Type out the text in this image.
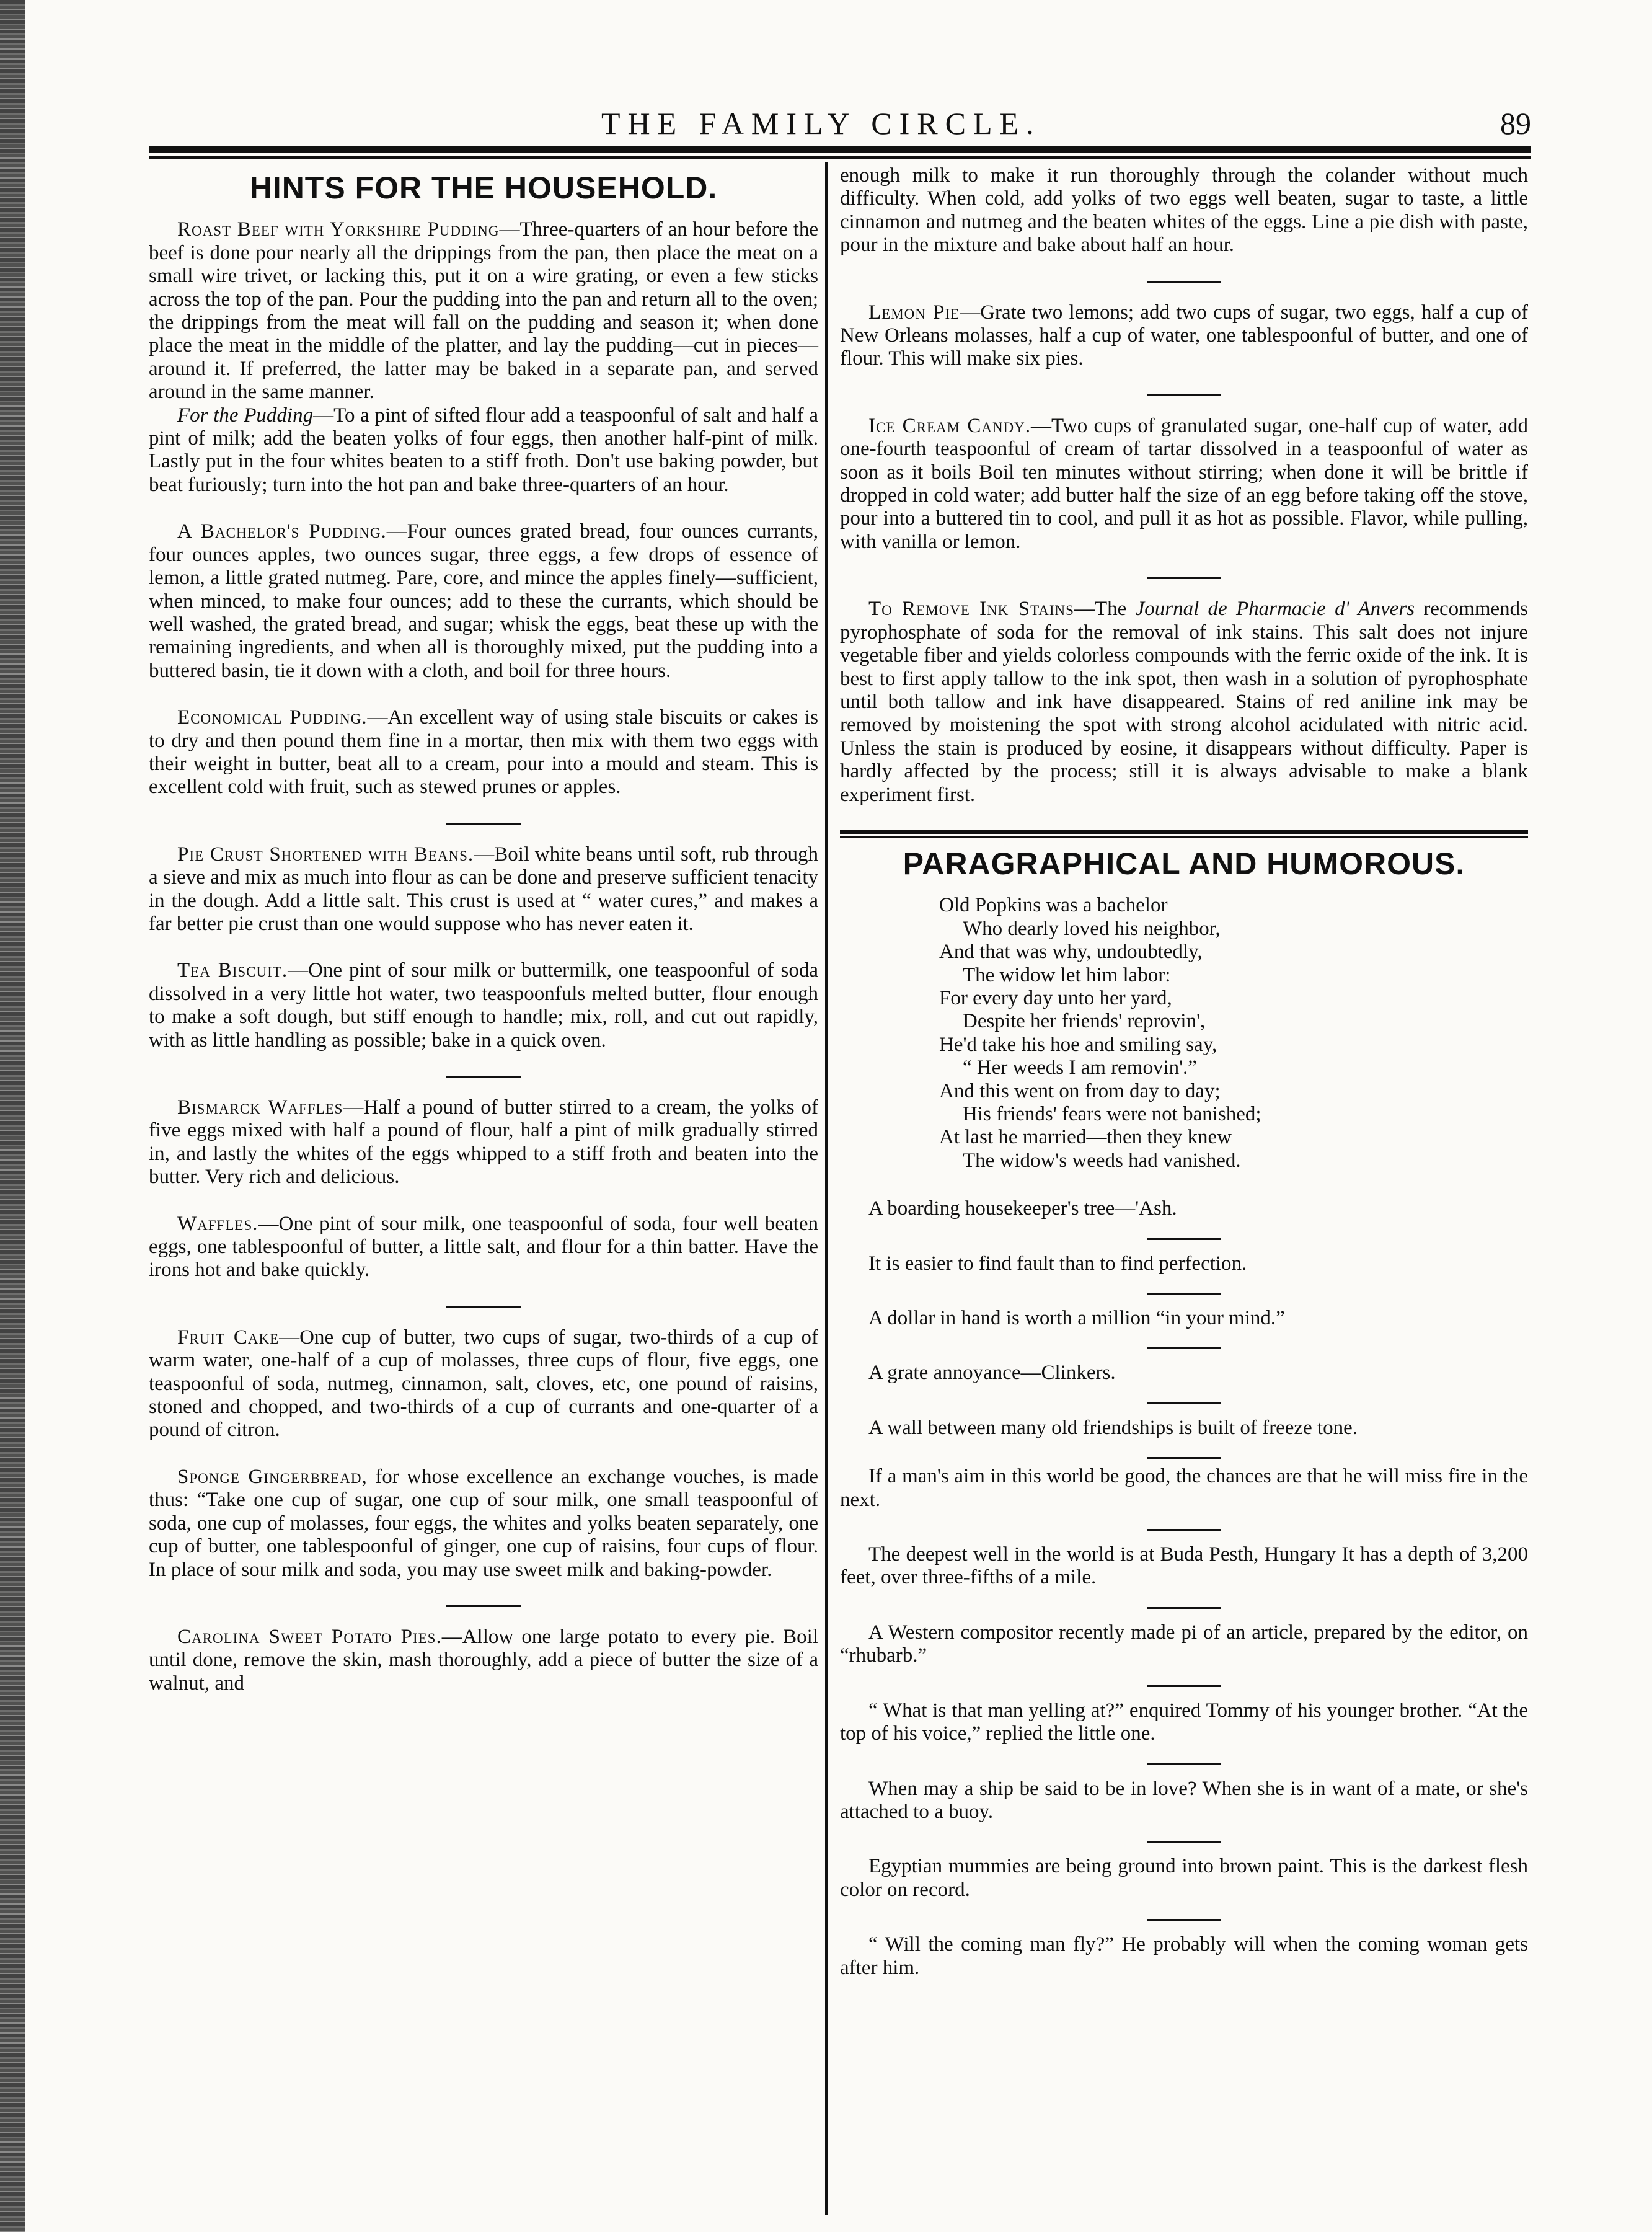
THE FAMILY CIRCLE.	89
HINTS FOR THE HOUSEHOLD.

Roast Beef with Yorkshire Pudding—Three-quarters of an hour before the beef is done pour nearly all the drippings from the pan, then place the meat on a small wire trivet, or lacking this, put it on a wire grating, or even a few sticks across the top of the pan. Pour the pudding into the pan and return all to the oven; the drippings from the meat will fall on the pudding and season it; when done place the meat in the middle of the platter, and lay the pudding—cut in pieces—around it. If preferred, the latter may be baked in a separate pan, and served around in the same manner.

For the Pudding—To a pint of sifted flour add a teaspoonful of salt and half a pint of milk; add the beaten yolks of four eggs, then another half-pint of milk. Lastly put in the four whites beaten to a stiff froth. Don't use baking powder, but beat furiously; turn into the hot pan and bake three-quarters of an hour.

A Bachelor's Pudding.—Four ounces grated bread, four ounces currants, four ounces apples, two ounces sugar, three eggs, a few drops of essence of lemon, a little grated nutmeg. Pare, core, and mince the apples finely—sufficient, when minced, to make four ounces; add to these the currants, which should be well washed, the grated bread, and sugar; whisk the eggs, beat these up with the remaining ingredients, and when all is thoroughly mixed, put the pudding into a buttered basin, tie it down with a cloth, and boil for three hours.

Economical Pudding.—An excellent way of using stale biscuits or cakes is to dry and then pound them fine in a mortar, then mix with them two eggs with their weight in butter, beat all to a cream, pour into a mould and steam. This is excellent cold with fruit, such as stewed prunes or apples.

Pie Crust Shortened with Beans.—Boil white beans until soft, rub through a sieve and mix as much into flour as can be done and preserve sufficient tenacity in the dough. Add a little salt. This crust is used at “ water cures,” and makes a far better pie crust than one would suppose who has never eaten it.

Tea Biscuit.—One pint of sour milk or buttermilk, one teaspoonful of soda dissolved in a very little hot water, two teaspoonfuls melted butter, flour enough to make a soft dough, but stiff enough to handle; mix, roll, and cut out rapidly, with as little handling as possible; bake in a quick oven.

Bismarck Waffles—Half a pound of butter stirred to a cream, the yolks of five eggs mixed with half a pound of flour, half a pint of milk gradually stirred in, and lastly the whites of the eggs whipped to a stiff froth and beaten into the butter. Very rich and delicious.

Waffles.—One pint of sour milk, one teaspoonful of soda, four well beaten eggs, one tablespoonful of butter, a little salt, and flour for a thin batter. Have the irons hot and bake quickly.

Fruit Cake—One cup of butter, two cups of sugar, two-thirds of a cup of warm water, one-half of a cup of molasses, three cups of flour, five eggs, one teaspoonful of soda, nutmeg, cinnamon, salt, cloves, etc, one pound of raisins, stoned and chopped, and two-thirds of a cup of currants and one-quarter of a pound of citron.

Sponge Gingerbread, for whose excellence an exchange vouches, is made thus: “Take one cup of sugar, one cup of sour milk, one small teaspoonful of soda, one cup of molasses, four eggs, the whites and yolks beaten separately, one cup of butter, one tablespoonful of ginger, one cup of raisins, four cups of flour. In place of sour milk and soda, you may use sweet milk and baking-powder.

Carolina Sweet Potato Pies.—Allow one large potato to every pie. Boil until done, remove the skin, mash thoroughly, add a piece of butter the size of a walnut, and

enough milk to make it run thoroughly through the colander without much difficulty. When cold, add yolks of two eggs well beaten, sugar to taste, a little cinnamon and nutmeg and the beaten whites of the eggs. Line a pie dish with paste, pour in the mixture and bake about half an hour.

Lemon Pie—Grate two lemons; add two cups of sugar, two eggs, half a cup of New Orleans molasses, half a cup of water, one tablespoonful of butter, and one of flour. This will make six pies.

Ice Cream Candy.—Two cups of granulated sugar, one-half cup of water, add one-fourth teaspoonful of cream of tartar dissolved in a teaspoonful of water as soon as it boils Boil ten minutes without stirring; when done it will be brittle if dropped in cold water; add butter half the size of an egg before taking off the stove, pour into a buttered tin to cool, and pull it as hot as possible. Flavor, while pulling, with vanilla or lemon.

To Remove Ink Stains—The Journal de Pharmacie d' Anvers recommends pyrophosphate of soda for the removal of ink stains. This salt does not injure vegetable fiber and yields colorless compounds with the ferric oxide of the ink. It is best to first apply tallow to the ink spot, then wash in a solution of pyrophosphate until both tallow and ink have disappeared. Stains of red aniline ink may be removed by moistening the spot with strong alcohol acidulated with nitric acid. Unless the stain is produced by eosine, it disappears without difficulty. Paper is hardly affected by the process; still it is always advisable to make a blank experiment first.

PARAGRAPHICAL AND HUMOROUS.
Old Popkins was a bachelor
Who dearly loved his neighbor,
And that was why, undoubtedly,
The widow let him labor:
For every day unto her yard,
Despite her friends' reprovin',
He'd take his hoe and smiling say,
“ Her weeds I am removin'.”
And this went on from day to day;
His friends' fears were not banished;
At last he married—then they knew
The widow's weeds had vanished.

A boarding housekeeper's tree—'Ash.

It is easier to find fault than to find perfection.

A dollar in hand is worth a million “in your mind.”

A grate annoyance—Clinkers.

A wall between many old friendships is built of freeze tone.

If a man's aim in this world be good, the chances are that he will miss fire in the next.

The deepest well in the world is at Buda Pesth, Hungary It has a depth of 3,200 feet, over three-fifths of a mile.

A Western compositor recently made pi of an article, prepared by the editor, on “rhubarb.”

“ What is that man yelling at?” enquired Tommy of his younger brother. “At the top of his voice,” replied the little one.

When may a ship be said to be in love? When she is in want of a mate, or she's attached to a buoy.

Egyptian mummies are being ground into brown paint. This is the darkest flesh color on record.

“ Will the coming man fly?” He probably will when the coming woman gets after him.
